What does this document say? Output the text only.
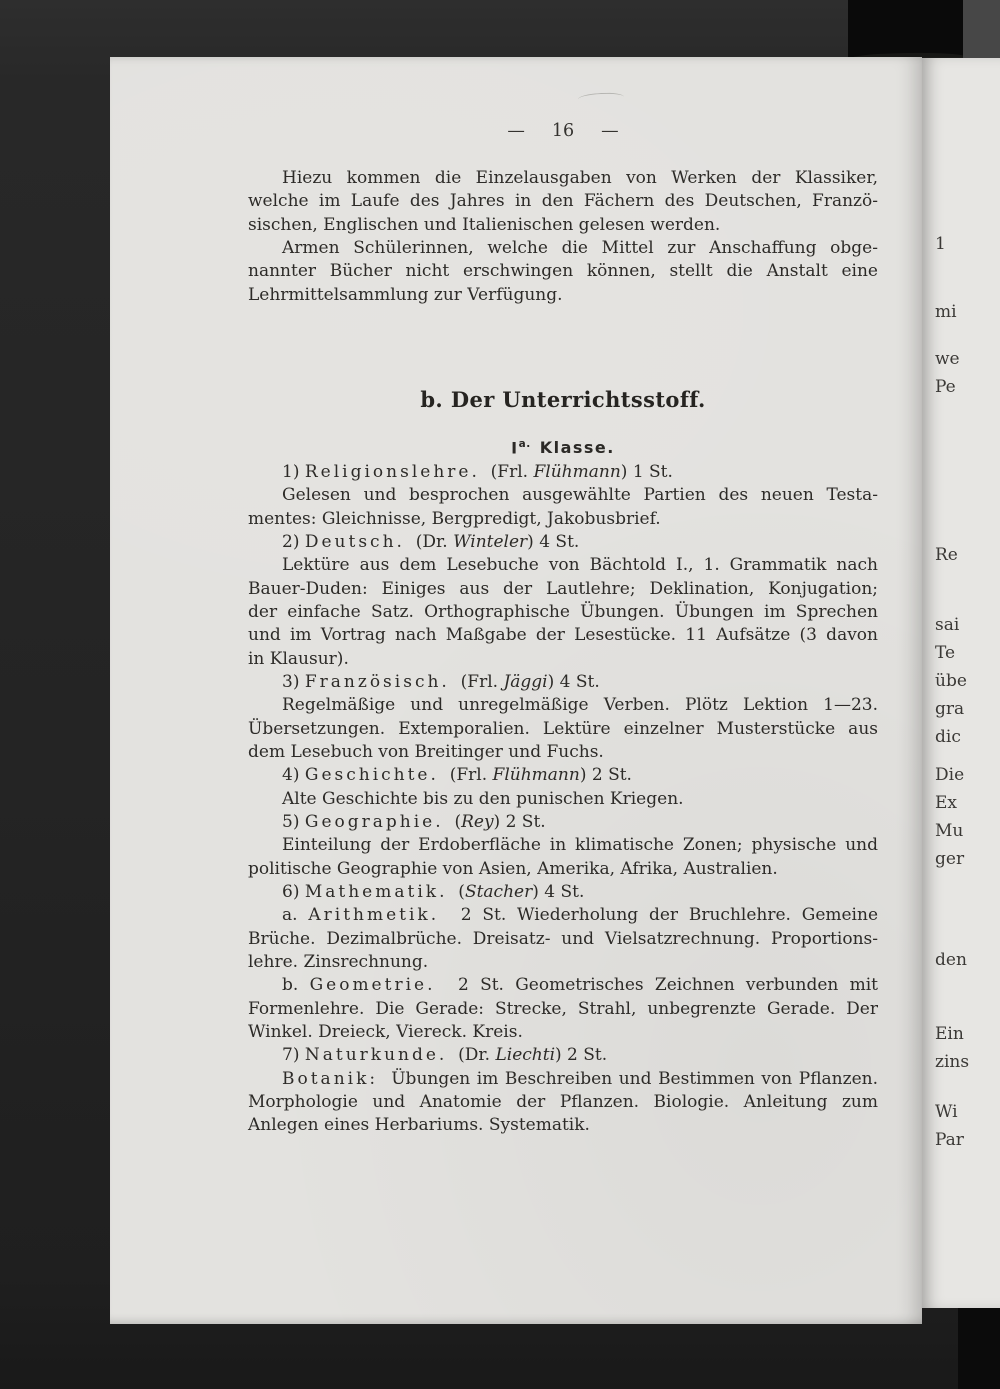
— 16 —
Hiezu kommen die Einzelausgaben von Werken der Klassiker,
welche im Laufe des Jahres in den Fächern des Deutschen, Franzö-
sischen, Englischen und Italienischen gelesen werden.
Armen Schülerinnen, welche die Mittel zur Anschaffung obge-
nannter Bücher nicht erschwingen können, stellt die Anstalt eine
Lehrmittelsammlung zur Verfügung.
b. Der Unterrichtsstoff.
$I^{a.}$ Klasse.
1) Religionslehre. (Frl. Flühmann) 1 St.
Gelesen und besprochen ausgewählte Partien des neuen Testa-
mentes: Gleichnisse, Bergpredigt, Jakobusbrief.
2) Deutsch. (Dr. Winteler) 4 St.
Lektüre aus dem Lesebuche von Bächtold I., 1. Grammatik nach
Bauer-Duden: Einiges aus der Lautlehre; Deklination, Konjugation;
der einfache Satz. Orthographische Übungen. Übungen im Sprechen
und im Vortrag nach Maßgabe der Lesestücke. 11 Aufsätze (3 davon
in Klausur).
3) Französisch. (Frl. Jäggi) 4 St.
Regelmäßige und unregelmäßige Verben. Plötz Lektion 1—23.
Übersetzungen. Extemporalien. Lektüre einzelner Musterstücke aus
dem Lesebuch von Breitinger und Fuchs.
4) Geschichte. (Frl. Flühmann) 2 St.
Alte Geschichte bis zu den punischen Kriegen.
5) Geographie. (Rey) 2 St.
Einteilung der Erdoberfläche in klimatische Zonen; physische und
politische Geographie von Asien, Amerika, Afrika, Australien.
6) Mathematik. (Stacher) 4 St.
a. Arithmetik. 2 St. Wiederholung der Bruchlehre. Gemeine
Brüche. Dezimalbrüche. Dreisatz- und Vielsatzrechnung. Proportions-
lehre. Zinsrechnung.
b. Geometrie. 2 St. Geometrisches Zeichnen verbunden mit
Formenlehre. Die Gerade: Strecke, Strahl, unbegrenzte Gerade. Der
Winkel. Dreieck, Viereck. Kreis.
7) Naturkunde. (Dr. Liechti) 2 St.
Botanik: Übungen im Beschreiben und Bestimmen von Pflanzen.
Morphologie und Anatomie der Pflanzen. Biologie. Anleitung zum
Anlegen eines Herbariums. Systematik.
1
mi
we
Pe
Re
sai
Te
übe
gra
dic
Die
Ex
Mu
ger
den
Ein
zins
Wi
Par
